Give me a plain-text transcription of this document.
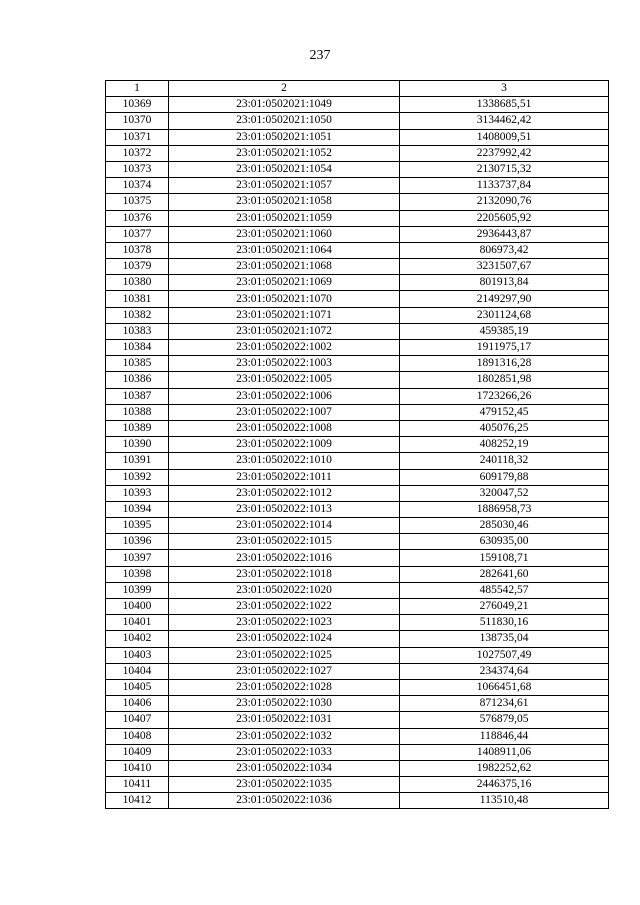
237
1	2	3
10369	23:01:0502021:1049	1338685,51
10370	23:01:0502021:1050	3134462,42
10371	23:01:0502021:1051	1408009,51
10372	23:01:0502021:1052	2237992,42
10373	23:01:0502021:1054	2130715,32
10374	23:01:0502021:1057	1133737,84
10375	23:01:0502021:1058	2132090,76
10376	23:01:0502021:1059	2205605,92
10377	23:01:0502021:1060	2936443,87
10378	23:01:0502021:1064	806973,42
10379	23:01:0502021:1068	3231507,67
10380	23:01:0502021:1069	801913,84
10381	23:01:0502021:1070	2149297,90
10382	23:01:0502021:1071	2301124,68
10383	23:01:0502021:1072	459385,19
10384	23:01:0502022:1002	1911975,17
10385	23:01:0502022:1003	1891316,28
10386	23:01:0502022:1005	1802851,98
10387	23:01:0502022:1006	1723266,26
10388	23:01:0502022:1007	479152,45
10389	23:01:0502022:1008	405076,25
10390	23:01:0502022:1009	408252,19
10391	23:01:0502022:1010	240118,32
10392	23:01:0502022:1011	609179,88
10393	23:01:0502022:1012	320047,52
10394	23:01:0502022:1013	1886958,73
10395	23:01:0502022:1014	285030,46
10396	23:01:0502022:1015	630935,00
10397	23:01:0502022:1016	159108,71
10398	23:01:0502022:1018	282641,60
10399	23:01:0502022:1020	485542,57
10400	23:01:0502022:1022	276049,21
10401	23:01:0502022:1023	511830,16
10402	23:01:0502022:1024	138735,04
10403	23:01:0502022:1025	1027507,49
10404	23:01:0502022:1027	234374,64
10405	23:01:0502022:1028	1066451,68
10406	23:01:0502022:1030	871234,61
10407	23:01:0502022:1031	576879,05
10408	23:01:0502022:1032	118846,44
10409	23:01:0502022:1033	1408911,06
10410	23:01:0502022:1034	1982252,62
10411	23:01:0502022:1035	2446375,16
10412	23:01:0502022:1036	113510,48
